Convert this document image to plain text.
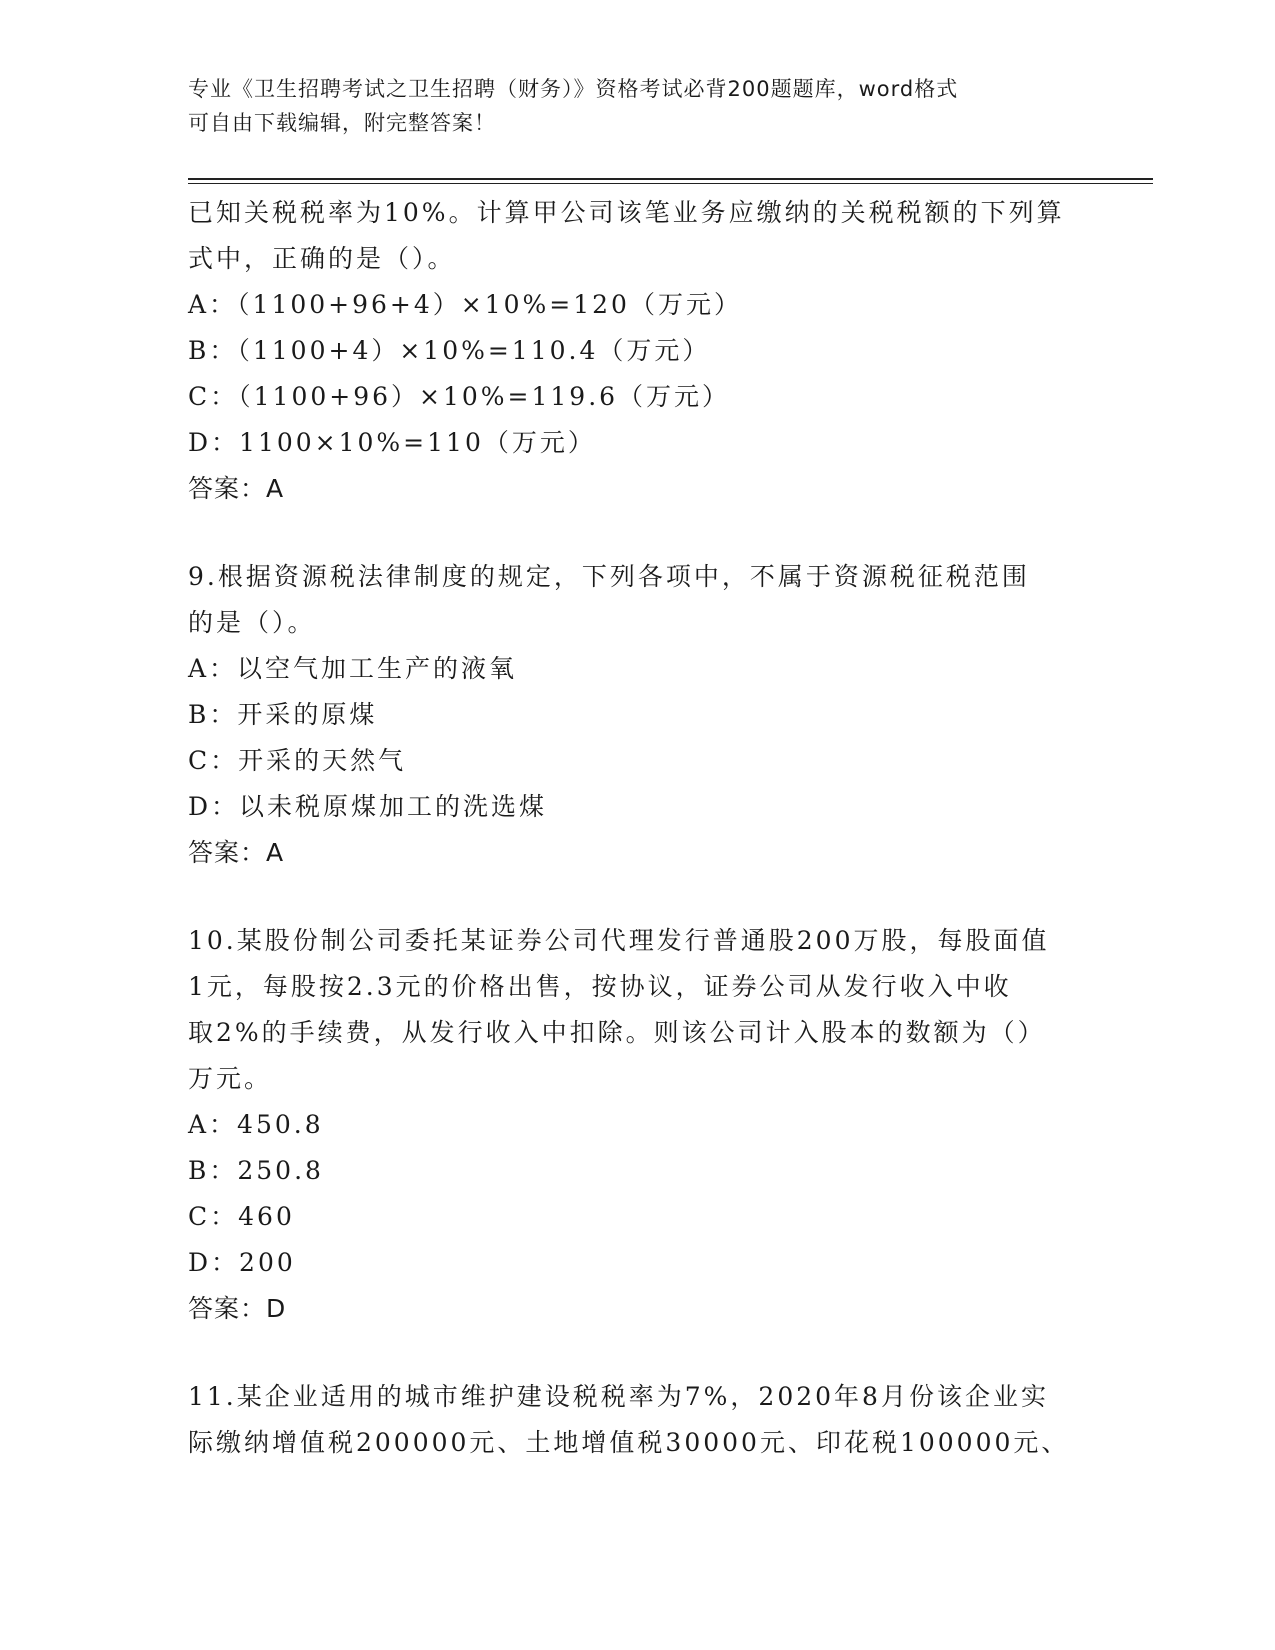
专业《卫生招聘考试之卫生招聘（财务）》资格考试必背200题题库，word格式
可自由下载编辑，附完整答案！
已知关税税率为10%。计算甲公司该笔业务应缴纳的关税税额的下列算
式中，正确的是（）。
A：（1100+96+4）×10%=120（万元）
B：（1100+4）×10%=110.4（万元）
C：（1100+96）×10%=119.6（万元）
D：1100×10%=110（万元）
答案：A
9.根据资源税法律制度的规定，下列各项中，不属于资源税征税范围
的是（）。
A：以空气加工生产的液氧
B：开采的原煤
C：开采的天然气
D：以未税原煤加工的洗选煤
答案：A
10.某股份制公司委托某证券公司代理发行普通股200万股，每股面值
1元，每股按2.3元的价格出售，按协议，证券公司从发行收入中收
取2%的手续费，从发行收入中扣除。则该公司计入股本的数额为（）
万元。
A：450.8
B：250.8
C：460
D：200
答案：D
11.某企业适用的城市维护建设税税率为7%，2020年8月份该企业实
际缴纳增值税200000元、土地增值税30000元、印花税100000元、
